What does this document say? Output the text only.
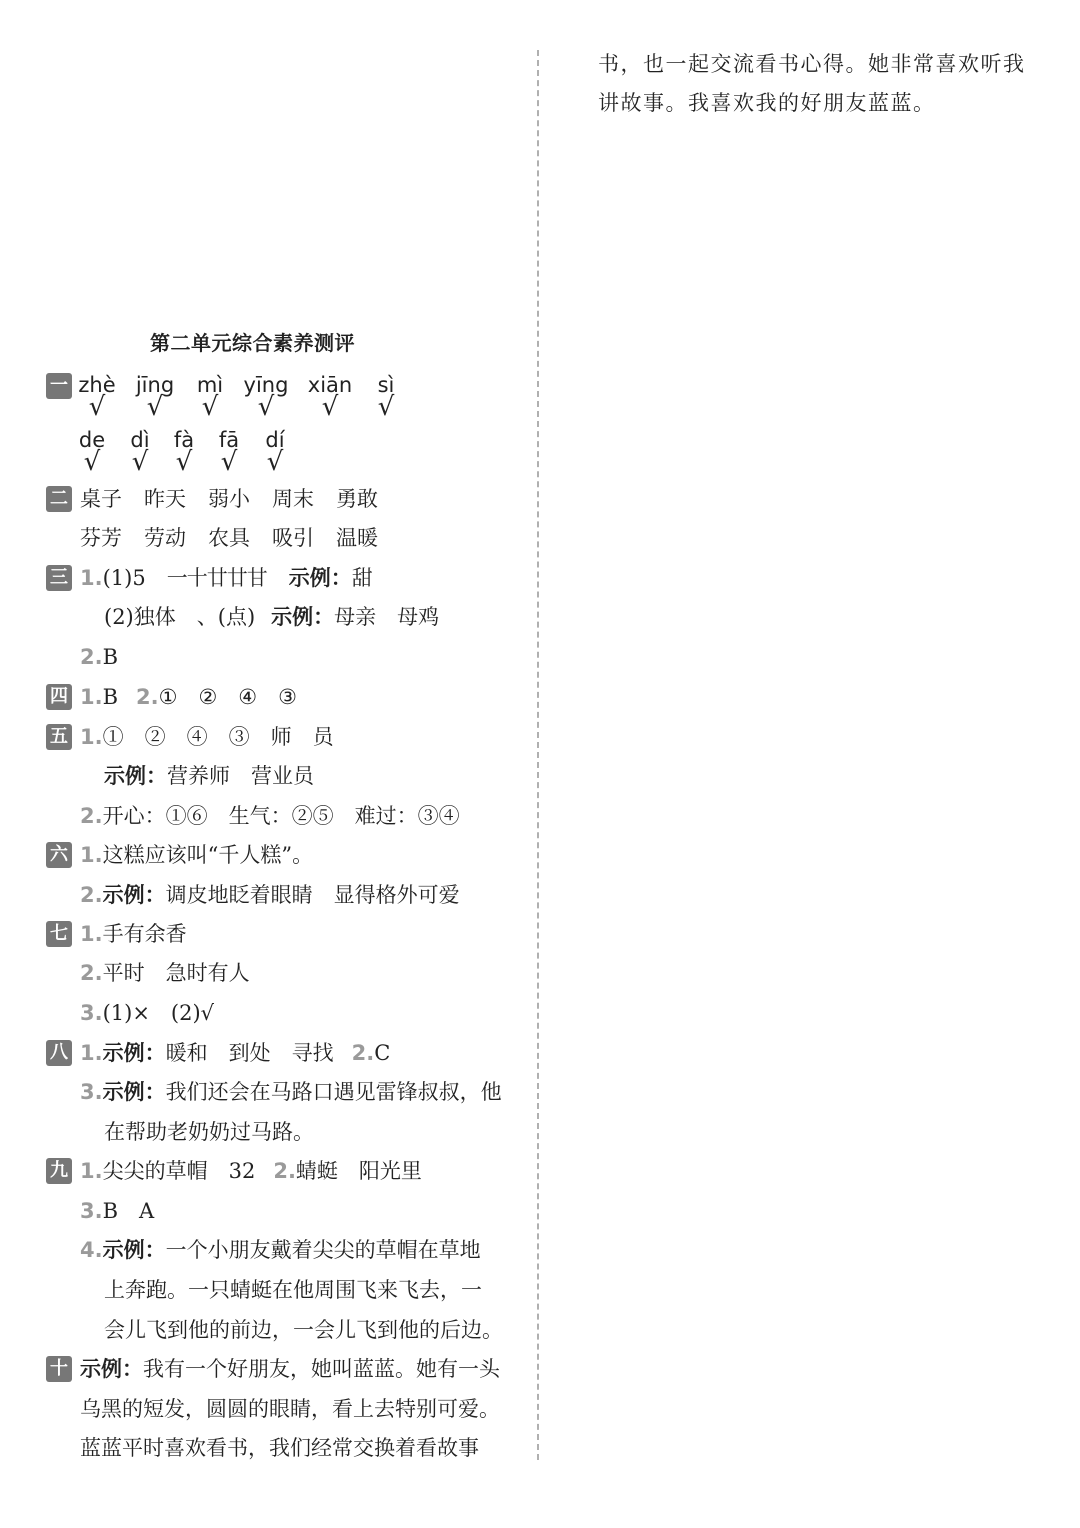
书，也一起交流看书心得。她非常喜欢听我
讲故事。我喜欢我的好朋友蓝蓝。
第二单元综合素养测评
一 zhè jīng	mì yīng xiān	sì
√ √ √ √ √ √
de	dì	fà	fā	dí
√ √ √ √ √
二 桌子 昨天 弱小 周末 勇敢
芬芳 劳动 农具 吸引 温暖
三 1.(1)5　一十廿廿甘 示例：甜
(2)独体　、(点) 示例：母亲　母鸡
2.B
四 1.B 2.①　②　④　③
五 1.①　②　④　③　师　员
示例：营养师　营业员
2.开心：①⑥　生气：②⑤　难过：③④
六 1.这糕应该叫“千人糕”。
2.示例：调皮地眨着眼睛　显得格外可爱
七 1.手有余香
2.平时　急时有人
3.(1)×　(2)√
八 1.示例：暖和　到处　寻找 2.C
3.示例：我们还会在马路口遇见雷锋叔叔，他
在帮助老奶奶过马路。
九 1.尖尖的草帽　32 2.蜻蜓　阳光里
3.B　A
4.示例：一个小朋友戴着尖尖的草帽在草地
上奔跑。一只蜻蜓在他周围飞来飞去，一
会儿飞到他的前边，一会儿飞到他的后边。
十 示例：我有一个好朋友，她叫蓝蓝。她有一头
乌黑的短发，圆圆的眼睛，看上去特别可爱。
蓝蓝平时喜欢看书，我们经常交换着看故事
